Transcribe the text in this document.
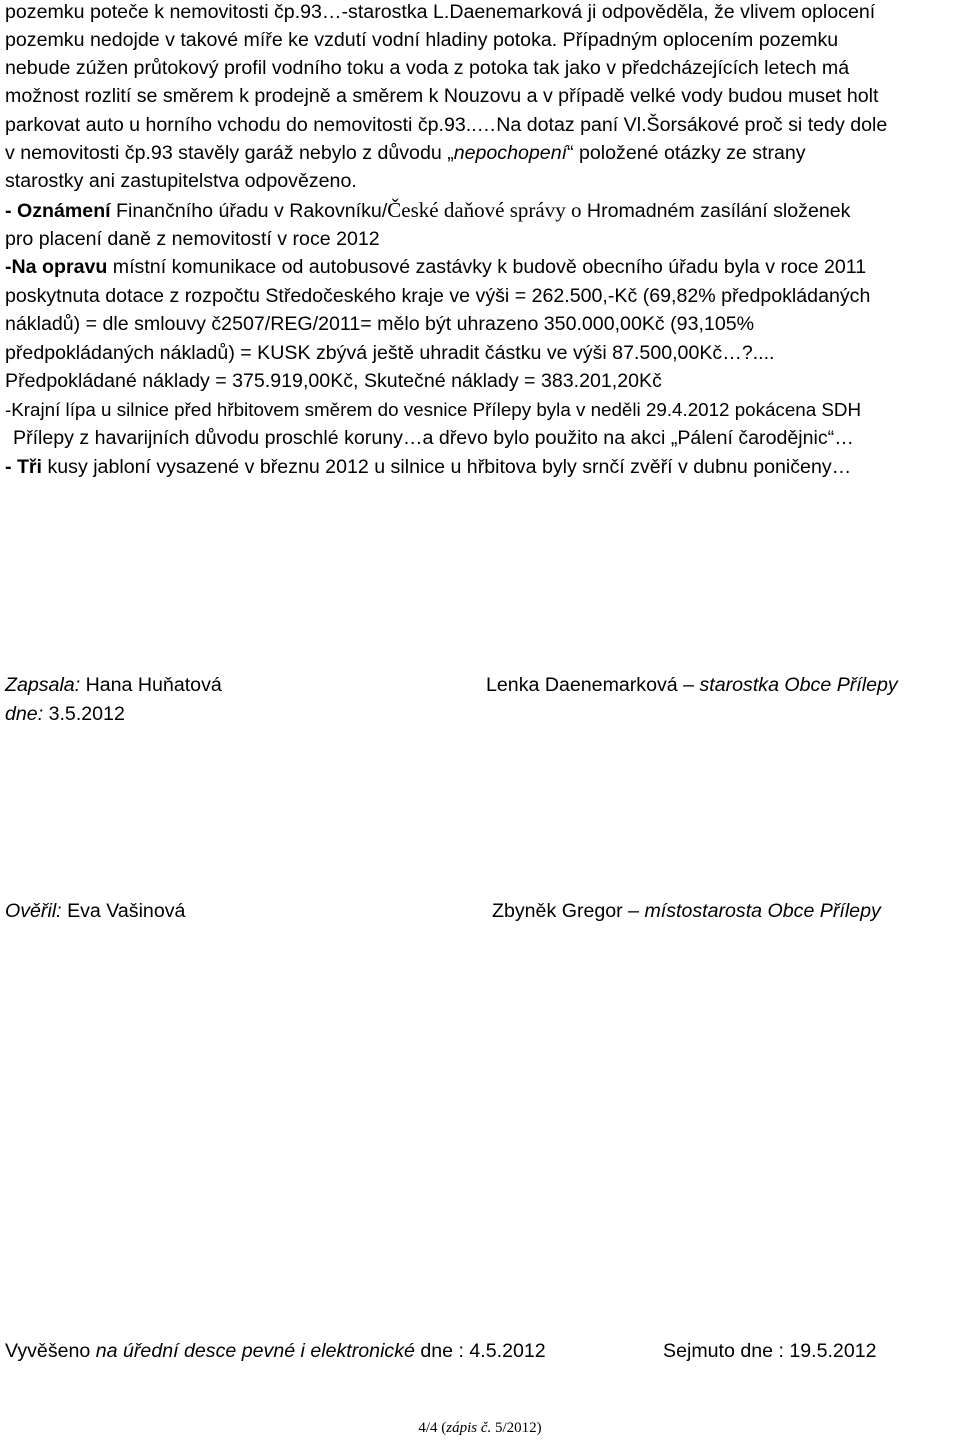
pozemku poteče k nemovitosti čp.93…-starostka L.Daenemarková ji odpověděla, že vlivem oplocení
pozemku nedojde v takové míře ke vzdutí vodní hladiny potoka. Případným oplocením pozemku
nebude zúžen průtokový profil vodního toku a voda z potoka tak jako v předcházejících letech má
možnost rozlití se směrem k prodejně a směrem k Nouzovu a v případě velké vody budou muset holt
parkovat auto u horního vchodu do nemovitosti čp.93..…Na dotaz paní Vl.Šorsákové proč si tedy dole
v nemovitosti čp.93 stavěly garáž nebylo z důvodu „nepochopení“ položené otázky ze strany
starostky ani zastupitelstva odpovězeno.
- Oznámení Finančního úřadu v Rakovníku/České daňové správy o Hromadném zasílání složenek
pro placení daně z nemovitostí v roce 2012
-Na opravu místní komunikace od autobusové zastávky k budově obecního úřadu byla v roce 2011
poskytnuta dotace z rozpočtu Středočeského kraje ve výši = 262.500,-Kč (69,82% předpokládaných
nákladů) = dle smlouvy č2507/REG/2011= mělo být uhrazeno 350.000,00Kč (93,105%
předpokládaných nákladů) = KUSK zbývá ještě uhradit částku ve výši 87.500,00Kč…?....
Předpokládané náklady = 375.919,00Kč, Skutečné náklady = 383.201,20Kč
-Krajní lípa u silnice před hřbitovem směrem do vesnice Přílepy byla v neděli 29.4.2012 pokácena SDH
Přílepy z havarijních důvodu proschlé koruny…a dřevo bylo použito na akci „Pálení čarodějnic“…
- Tři kusy jabloní vysazené v březnu 2012 u silnice u hřbitova byly srnčí zvěří v dubnu poničeny…
Zapsala: Hana Huňatová
dne: 3.5.2012
Lenka Daenemarková – starostka Obce Přílepy
Ověřil: Eva Vašinová	Zbyněk Gregor – místostarosta Obce Přílepy
Vyvěšeno na úřední desce pevné i elektronické dne : 4.5.2012	Sejmuto dne : 19.5.2012
4/4 (zápis č. 5/2012)
